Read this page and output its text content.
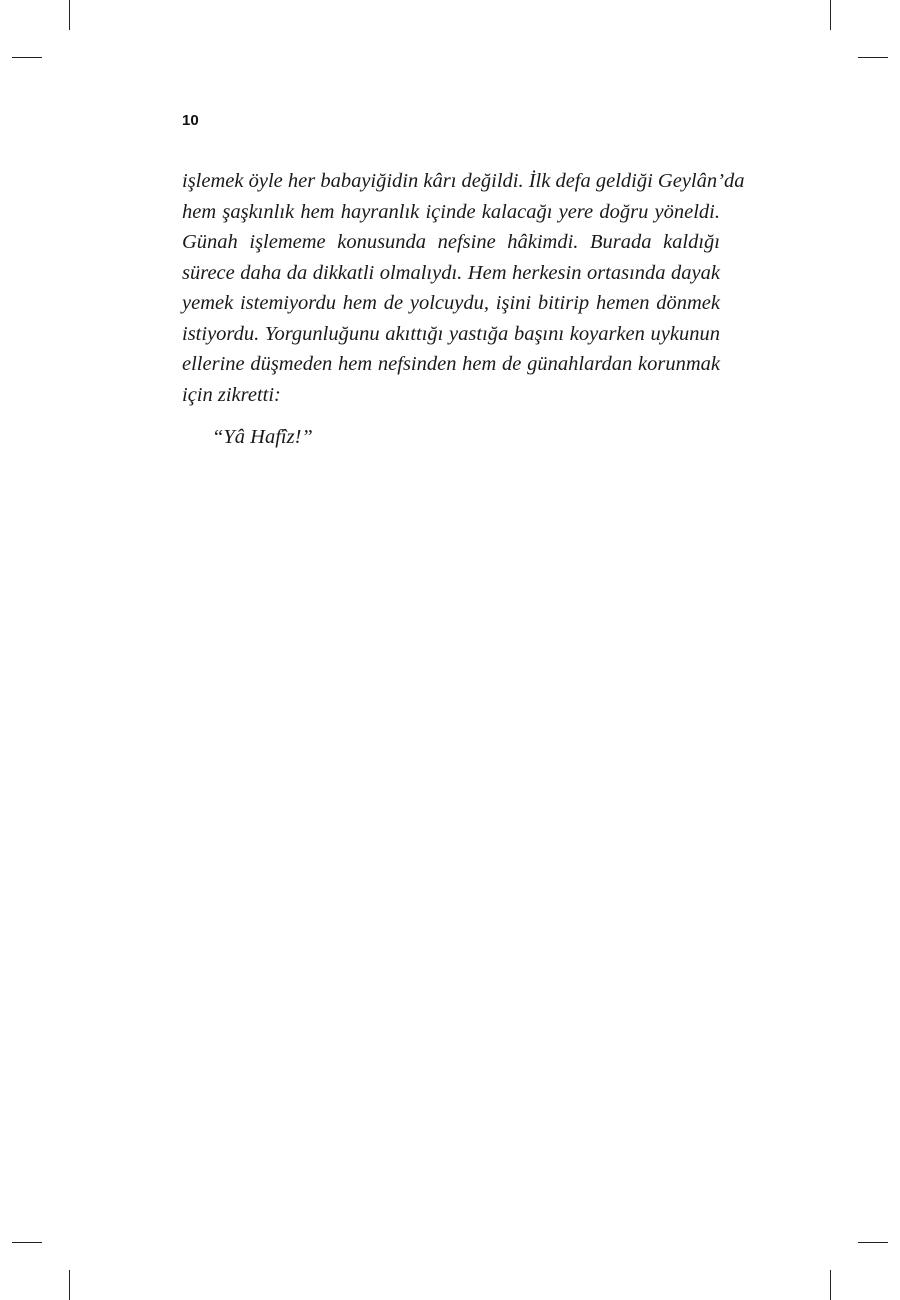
10
işlemek öyle her babayiğidin kârı değildi. İlk defa geldiği Geylân’da
hem şaşkınlık hem hayranlık içinde kalacağı yere doğru yöneldi.
Günah işlememe konusunda nefsine hâkimdi. Burada kaldığı
sürece daha da dikkatli olmalıydı. Hem herkesin ortasında dayak
yemek istemiyordu hem de yolcuydu, işini bitirip hemen dönmek
istiyordu. Yorgunluğunu akıttığı yastığa başını koyarken uykunun
ellerine düşmeden hem nefsinden hem de günahlardan korunmak
için zikretti:
“Yâ Hafîz!”
